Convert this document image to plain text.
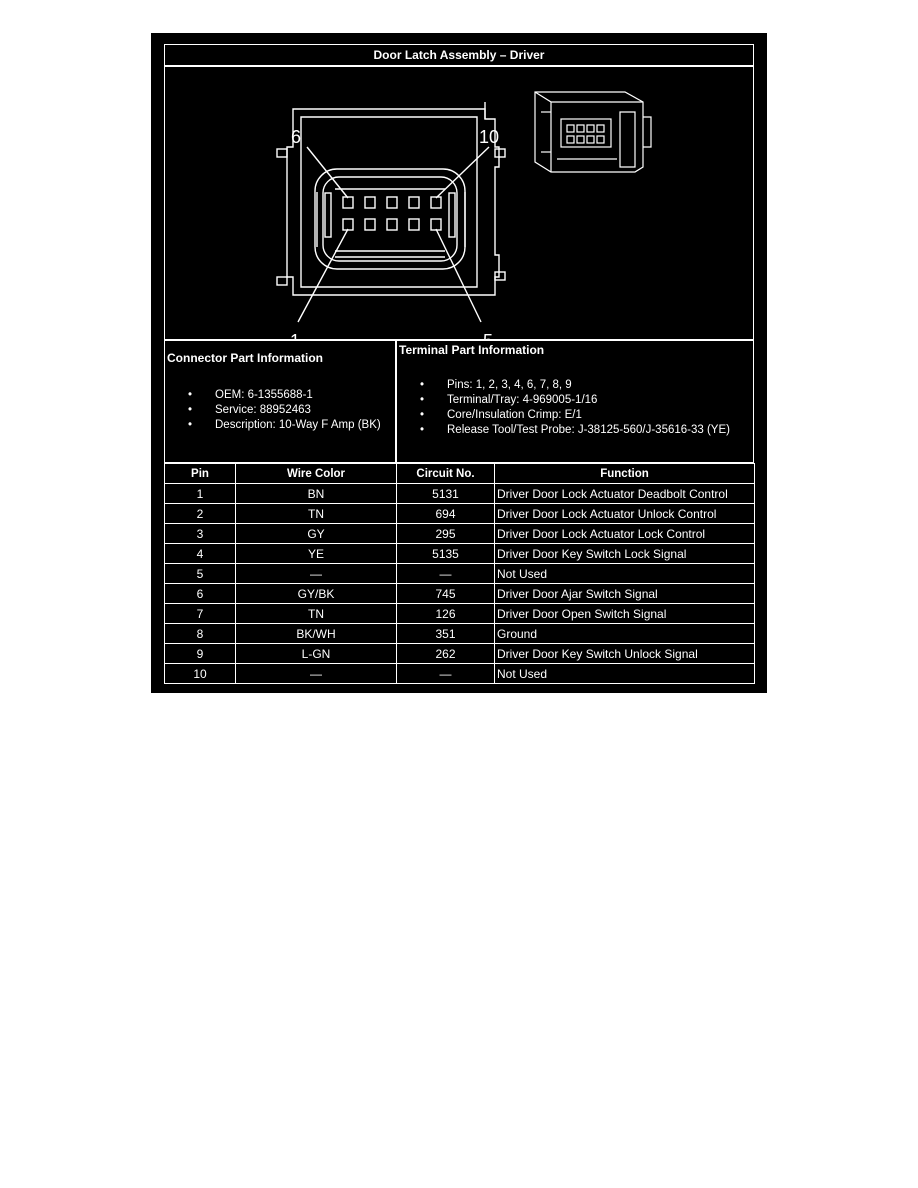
Door Latch Assembly – Driver
6	10
Connector Part Information
• OEM: 6-1355688-1
• Service: 88952463
• Description: 10-Way F Amp (BK)
Terminal Part Information
• Pins: 1, 2, 3, 4, 6, 7, 8, 9
• Terminal/Tray: 4-969005-1/16
• Core/Insulation Crimp: E/1
• Release Tool/Test Probe: J-38125-560/J-35616-33 (YE)
Pin	Wire Color	Circuit No.	Function
1	BN	5131	Driver Door Lock Actuator Deadbolt Control
2	TN	694	Driver Door Lock Actuator Unlock Control
3	GY	295	Driver Door Lock Actuator Lock Control
4	YE	5135	Driver Door Key Switch Lock Signal
5	—	—	Not Used
6	GY/BK	745	Driver Door Ajar Switch Signal
7	TN	126	Driver Door Open Switch Signal
8	BK/WH	351	Ground
9	L-GN	262	Driver Door Key Switch Unlock Signal
10	—	—	Not Used
